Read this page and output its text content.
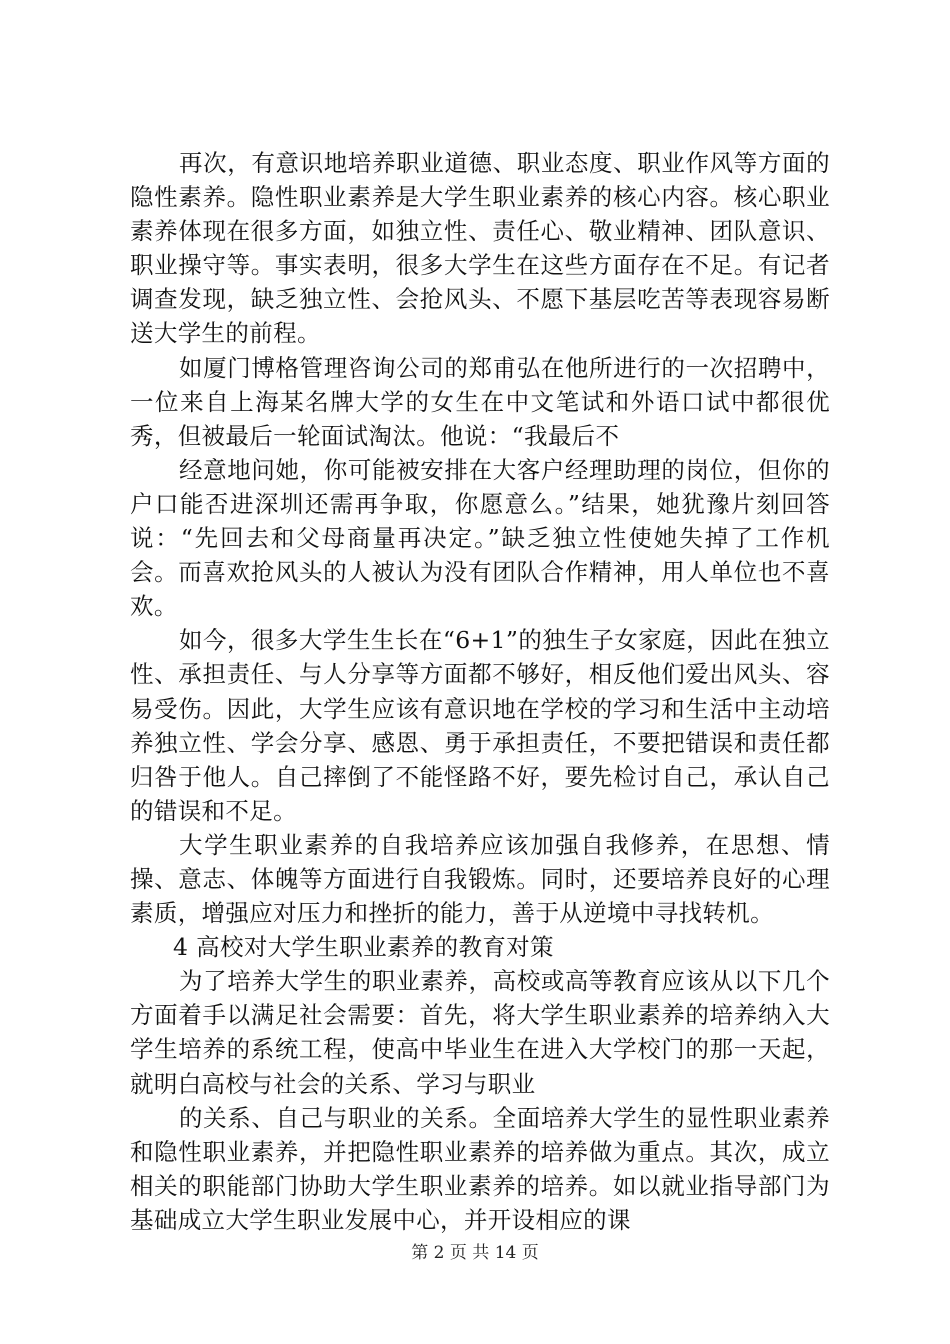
再次，有意识地培养职业道德、职业态度、职业作风等方面的隐性素养。隐性职业素养是大学生职业素养的核心内容。核心职业素养体现在很多方面，如独立性、责任心、敬业精神、团队意识、职业操守等。事实表明，很多大学生在这些方面存在不足。有记者调查发现，缺乏独立性、会抢风头、不愿下基层吃苦等表现容易断送大学生的前程。

如厦门博格管理咨询公司的郑甫弘在他所进行的一次招聘中，一位来自上海某名牌大学的女生在中文笔试和外语口试中都很优秀，但被最后一轮面试淘汰。他说：“我最后不

经意地问她，你可能被安排在大客户经理助理的岗位，但你的户口能否进深圳还需再争取，你愿意么。”结果，她犹豫片刻回答说：“先回去和父母商量再决定。”缺乏独立性使她失掉了工作机会。而喜欢抢风头的人被认为没有团队合作精神，用人单位也不喜欢。

如今，很多大学生生长在“6+1”的独生子女家庭，因此在独立性、承担责任、与人分享等方面都不够好，相反他们爱出风头、容易受伤。因此，大学生应该有意识地在学校的学习和生活中主动培养独立性、学会分享、感恩、勇于承担责任，不要把错误和责任都归咎于他人。自己摔倒了不能怪路不好，要先检讨自己，承认自己的错误和不足。

大学生职业素养的自我培养应该加强自我修养，在思想、情操、意志、体魄等方面进行自我锻炼。同时，还要培养良好的心理素质，增强应对压力和挫折的能力，善于从逆境中寻找转机。

4 高校对大学生职业素养的教育对策

为了培养大学生的职业素养，高校或高等教育应该从以下几个方面着手以满足社会需要：首先，将大学生职业素养的培养纳入大学生培养的系统工程，使高中毕业生在进入大学校门的那一天起，就明白高校与社会的关系、学习与职业

的关系、自己与职业的关系。全面培养大学生的显性职业素养和隐性职业素养，并把隐性职业素养的培养做为重点。其次，成立相关的职能部门协助大学生职业素养的培养。如以就业指导部门为基础成立大学生职业发展中心，并开设相应的课

第 2 页 共 14 页
